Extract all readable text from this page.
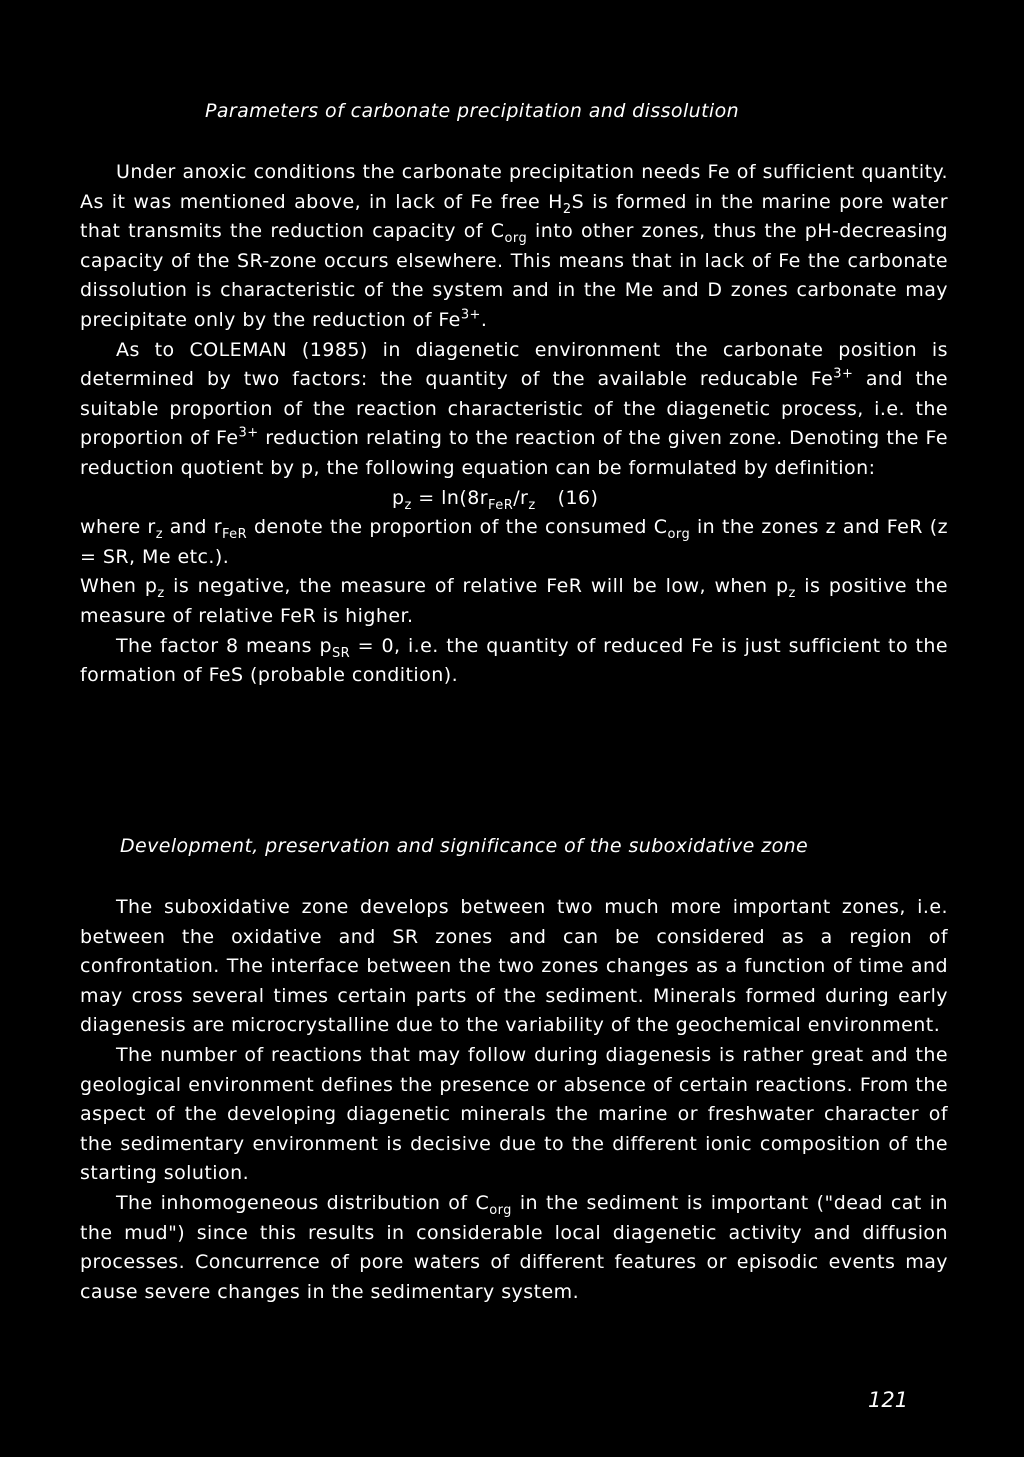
Parameters of carbonate precipitation and dissolution

Under anoxic conditions the carbonate precipitation needs Fe of sufficient quantity. As it was mentioned above, in lack of Fe free $H_2S$ is formed in the marine pore water that transmits the reduction capacity of $C_{org}$ into other zones, thus the pH-decreasing capacity of the SR-zone occurs elsewhere. This means that in lack of Fe the carbonate dissolution is characteristic of the system and in the Me and D zones carbonate may precipitate only by the reduction of $Fe^{3+}$.

As to COLEMAN (1985) in diagenetic environment the carbonate position is determined by two factors: the quantity of the available reducable $Fe^{3+}$ and the suitable proportion of the reaction characteristic of the diagenetic process, i.e. the proportion of $Fe^{3+}$ reduction relating to the reaction of the given zone. Denoting the Fe reduction quotient by p, the following equation can be formulated by definition:

$p_z = \ln(8r_{FeR}/r_z$ (16)

where $r_z$ and $r_{FeR}$ denote the proportion of the consumed $C_{org}$ in the zones z and FeR (z = SR, Me etc.).

When $p_z$ is negative, the measure of relative FeR will be low, when $p_z$ is positive the measure of relative FeR is higher.

The factor 8 means $p_{SR} = 0$, i.e. the quantity of reduced Fe is just sufficient to the formation of FeS (probable condition).

Development, preservation and significance of the suboxidative zone

The suboxidative zone develops between two much more important zones, i.e. between the oxidative and SR zones and can be considered as a region of confrontation. The interface between the two zones changes as a function of time and may cross several times certain parts of the sediment. Minerals formed during early diagenesis are microcrystalline due to the variability of the geochemical environment.

The number of reactions that may follow during diagenesis is rather great and the geological environment defines the presence or absence of certain reactions. From the aspect of the developing diagenetic minerals the marine or freshwater character of the sedimentary environment is decisive due to the different ionic composition of the starting solution.

The inhomogeneous distribution of $C_{org}$ in the sediment is important ("dead cat in the mud") since this results in considerable local diagenetic activity and diffusion processes. Concurrence of pore waters of different features or episodic events may cause severe changes in the sedimentary system.

121
